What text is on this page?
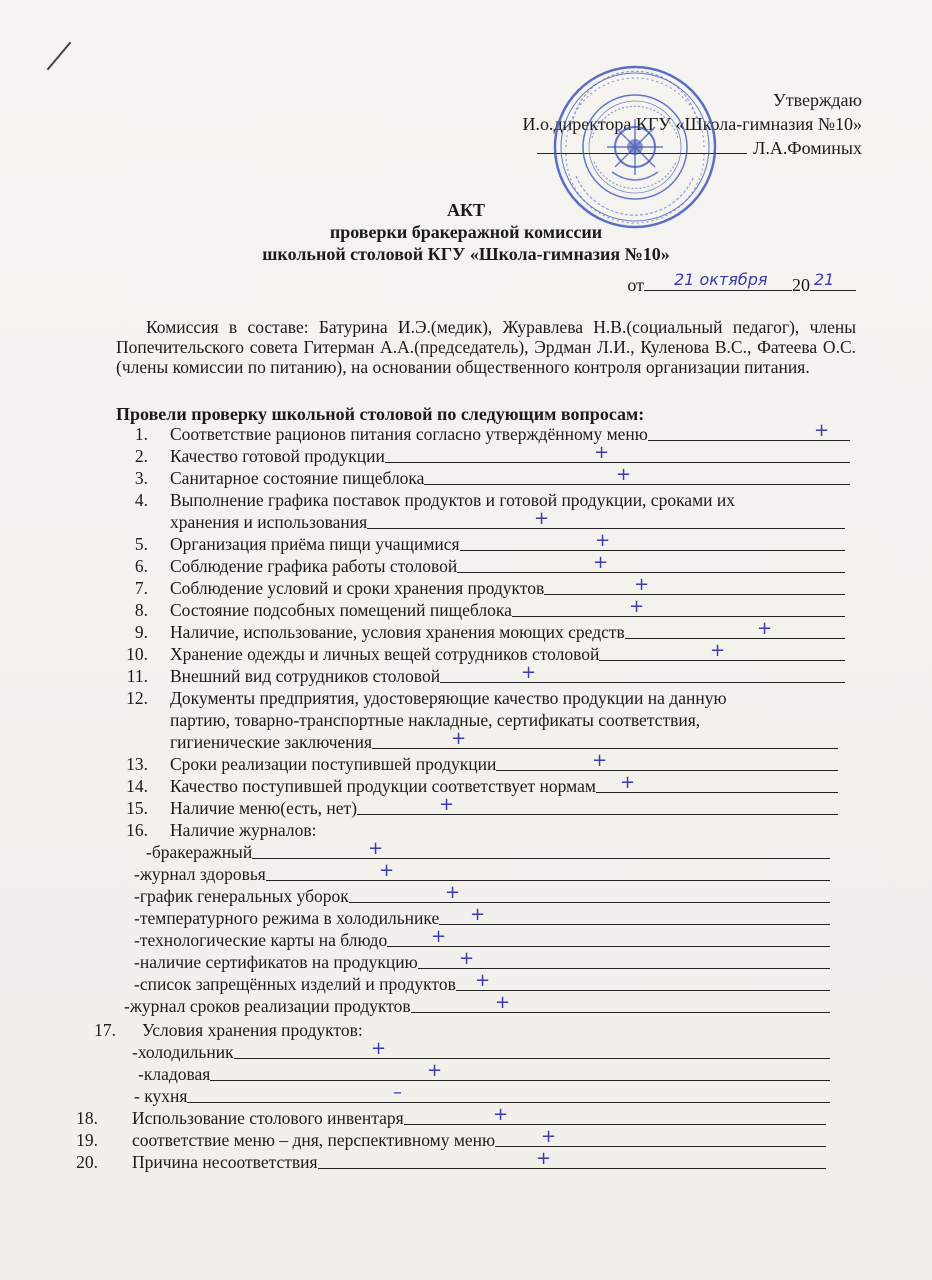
Утверждаю
И.о.директора КГУ «Школа-гимназия №10»
Л.А.Фоминых
АКТ
проверки бракеражной комиссии
школьной столовой КГУ «Школа-гимназия №10»
от 21 октября 20 21
Комиссия в составе: Батурина И.Э.(медик), Журавлева Н.В.(социальный педагог), члены Попечительского совета Гитерман А.А.(председатель), Эрдман Л.И., Куленова В.С., Фатеева О.С. (члены комиссии по питанию), на основании общественного контроля организации питания.
Провели проверку школьной столовой по следующим вопросам:
1. Соответствие рационов питания согласно утверждённому меню	+
2. Качество готовой продукции	+
3. Санитарное состояние пищеблока	+
4. Выполнение графика поставок продуктов и готовой продукции, сроками их
хранения и использования	+
5. Организация приёма пищи учащимися	+
6. Соблюдение графика работы столовой	+
7. Соблюдение условий и сроки хранения продуктов	+
8. Состояние подсобных помещений пищеблока	+
9. Наличие, использование, условия хранения моющих средств	+
10. Хранение одежды и личных вещей сотрудников столовой	+
11. Внешний вид сотрудников столовой	+
12. Документы предприятия, удостоверяющие качество продукции на данную
партию, товарно-транспортные накладные, сертификаты соответствия,
гигиенические заключения	+
13. Сроки реализации поступившей продукции	+
14. Качество поступившей продукции соответствует нормам +
15. Наличие меню(есть, нет)	+
16. Наличие журналов:
-бракеражный	+
-журнал здоровья	+
-график генеральных уборок	+
-температурного режима в холодильнике +
-технологические карты на блюдо +
-наличие сертификатов на продукцию +
-список запрещённых изделий и продуктов +
-журнал сроков реализации продуктов	+
17. Условия хранения продуктов:
-холодильник	+
-кладовая	+
- кухня	–
18. Использование столового инвентаря	+
19. соответствие меню – дня, перспективному меню	+
20. Причина несоответствия	+
